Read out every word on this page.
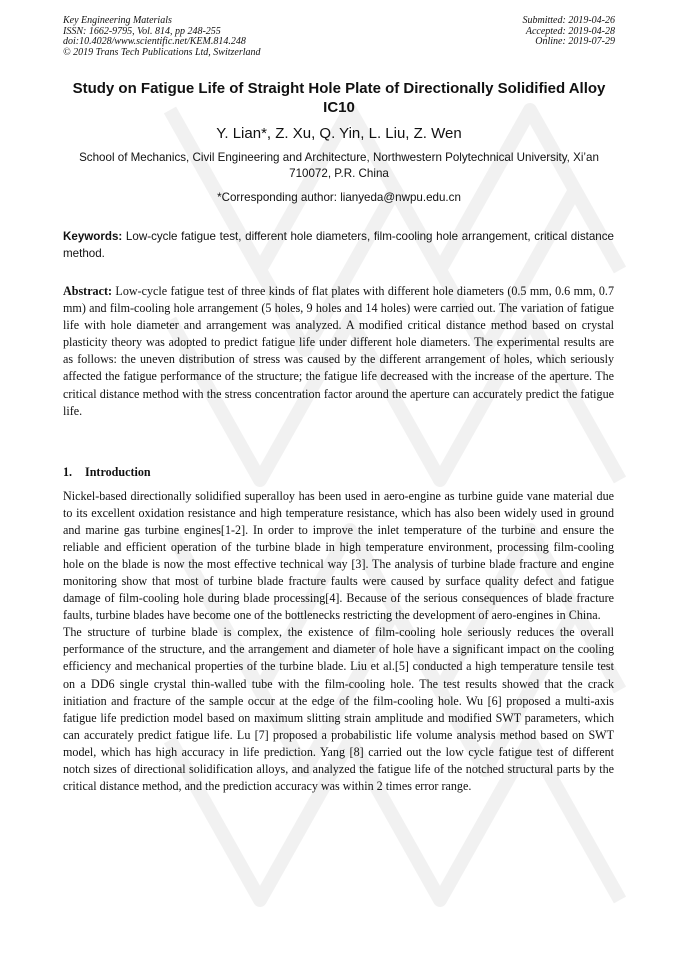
Key Engineering Materials
ISSN: 1662-9795, Vol. 814, pp 248-255
doi:10.4028/www.scientific.net/KEM.814.248
© 2019 Trans Tech Publications Ltd, Switzerland
Submitted: 2019-04-26
Accepted: 2019-04-28
Online: 2019-07-29
Study on Fatigue Life of Straight Hole Plate of Directionally Solidified Alloy IC10
Y. Lian*, Z. Xu, Q. Yin, L. Liu, Z. Wen
School of Mechanics, Civil Engineering and Architecture, Northwestern Polytechnical University, Xi’an 710072, P.R. China
*Corresponding author: lianyeda@nwpu.edu.cn
Keywords: Low-cycle fatigue test, different hole diameters, film-cooling hole arrangement, critical distance method.
Abstract: Low-cycle fatigue test of three kinds of flat plates with different hole diameters (0.5 mm, 0.6 mm, 0.7 mm) and film-cooling hole arrangement (5 holes, 9 holes and 14 holes) were carried out. The variation of fatigue life with hole diameter and arrangement was analyzed. A modified critical distance method based on crystal plasticity theory was adopted to predict fatigue life under different hole diameters. The experimental results are as follows: the uneven distribution of stress was caused by the different arrangement of holes, which seriously affected the fatigue performance of the structure; the fatigue life decreased with the increase of the aperture. The critical distance method with the stress concentration factor around the aperture can accurately predict the fatigue life.
1. Introduction

Nickel-based directionally solidified superalloy has been used in aero-engine as turbine guide vane material due to its excellent oxidation resistance and high temperature resistance, which has also been widely used in ground and marine gas turbine engines[1-2]. In order to improve the inlet temperature of the turbine and ensure the reliable and efficient operation of the turbine blade in high temperature environment, processing film-cooling hole on the blade is now the most effective technical way [3]. The analysis of turbine blade fracture and engine monitoring show that most of turbine blade fracture faults were caused by surface quality defect and fatigue damage of film-cooling hole during blade processing[4]. Because of the serious consequences of blade fracture faults, turbine blades have become one of the bottlenecks restricting the development of aero-engines in China.

The structure of turbine blade is complex, the existence of film-cooling hole seriously reduces the overall performance of the structure, and the arrangement and diameter of hole have a significant impact on the cooling efficiency and mechanical properties of the turbine blade. Liu et al.[5] conducted a high temperature tensile test on a DD6 single crystal thin-walled tube with the film-cooling hole. The test results showed that the crack initiation and fracture of the sample occur at the edge of the film-cooling hole. Wu [6] proposed a multi-axis fatigue life prediction model based on maximum slitting strain amplitude and modified SWT parameters, which can accurately predict fatigue life. Lu [7] proposed a probabilistic life volume analysis method based on SWT model, which has high accuracy in life prediction. Yang [8] carried out the low cycle fatigue test of different notch sizes of directional solidification alloys, and analyzed the fatigue life of the notched structural parts by the critical distance method, and the prediction accuracy was within 2 times error range.
